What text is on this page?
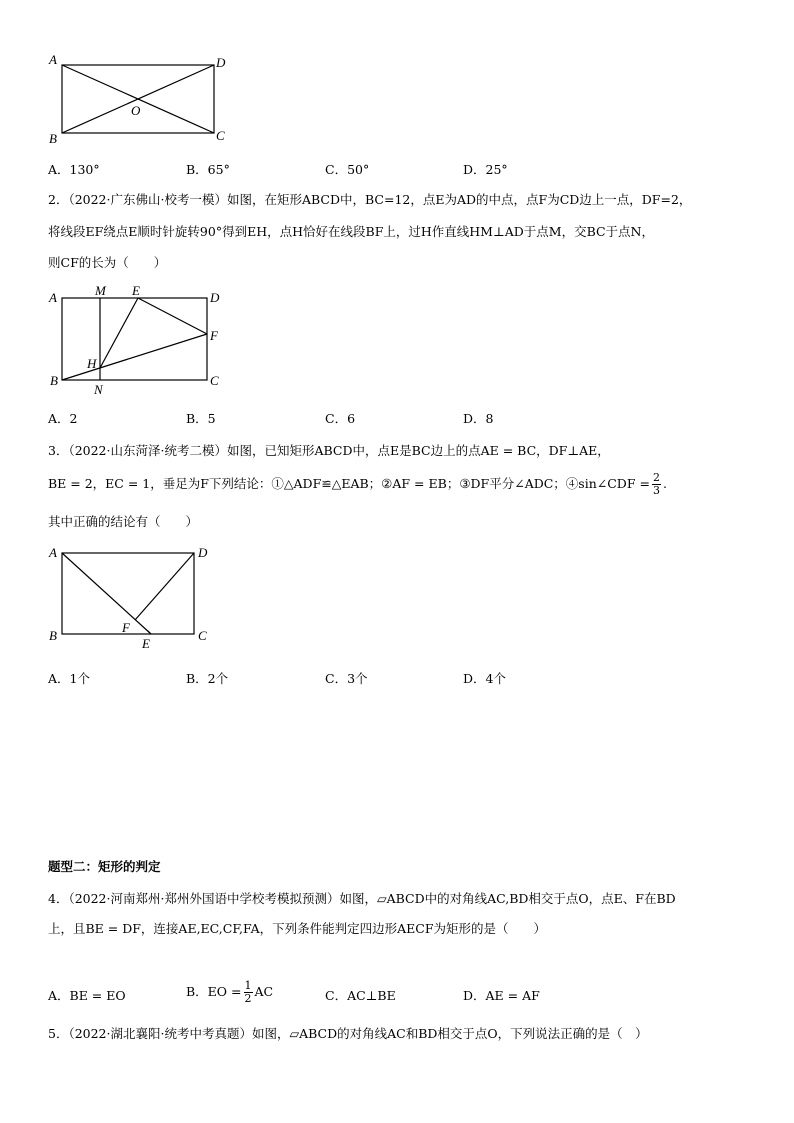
A	D
O
B	C
A．130°	B．65°	C．50°	D．25°
2．（2022·广东佛山·校考一模）如图，在矩形ABCD中，BC=12，点E为AD的中点，点F为CD边上一点，DF=2，
将线段EF绕点E顺时针旋转90°得到EH，点H恰好在线段BF上，过H作直线HM⊥AD于点M，交BC于点N，
则CF的长为（　　）
A	M E	D
F
H
B
N
C
A．2	B．5	C．6	D．8
3．（2022·山东菏泽·统考二模）如图，已知矩形ABCD中，点E是BC边上的点AE = BC，DF⊥AE，
BE = 2，EC = 1，垂足为F下列结论：①△ADF≌△EAB；②AF = EB；③DF平分∠ADC；④sin∠CDF = $\frac{2}{3}$ .
其中正确的结论有（　　）
A	D
B
F
E
C
A．1个	B．2个	C．3个	D．4个
题型二：矩形的判定
4．（2022·河南郑州·郑州外国语中学校考模拟预测）如图，▱ABCD中的对角线AC,BD相交于点O，点E、F在BD
上，且BE = DF，连接AE,EC,CF,FA，下列条件能判定四边形AECF为矩形的是（　　）
A．BE = EO	B．EO = $\frac{1}{2}$ AC	C．AC⊥BE	D．AE = AF
5．（2022·湖北襄阳·统考中考真题）如图，▱ABCD的对角线AC和BD相交于点O，下列说法正确的是（　）
